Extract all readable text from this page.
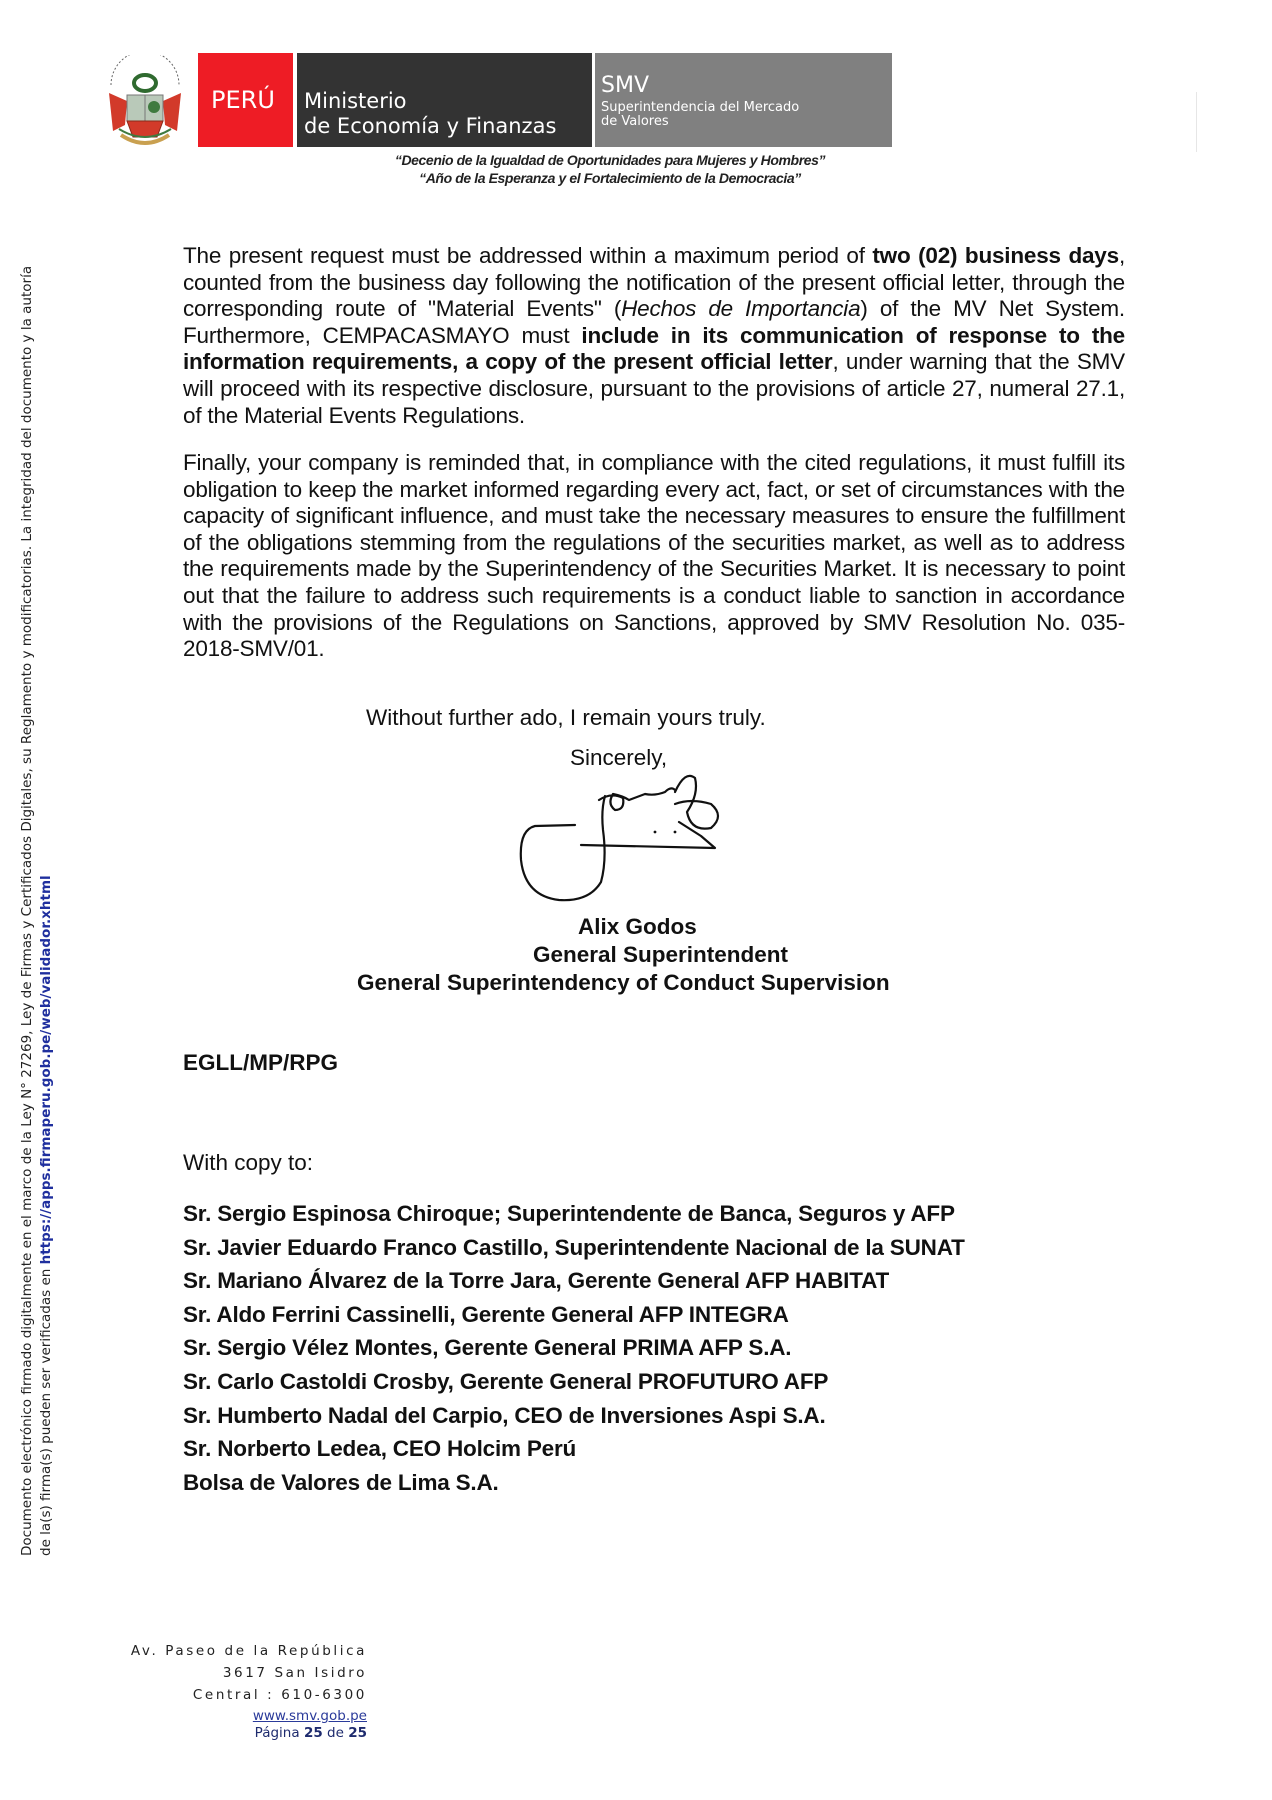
PERÚ Ministerio
de Economía y Finanzas
SMV
Superintendencia del Mercado
de Valores
“Decenio de la Igualdad de Oportunidades para Mujeres y Hombres”
“Año de la Esperanza y el Fortalecimiento de la Democracia”
Documento electrónico firmado digitalmente en el marco de la Ley N° 27269, Ley de Firmas y Certificados Digitales, su Reglamento y modificatorias. La integridad del documento y la autoría de la(s) firma(s) pueden ser verificadas en https://apps.firmaperu.gob.pe/web/validador.xhtml
The present request must be addressed within a maximum period of two (02) business days, counted from the business day following the notification of the present official letter, through the corresponding route of "Material Events" (Hechos de Importancia) of the MV Net System. Furthermore, CEMPACASMAYO must include in its communication of response to the information requirements, a copy of the present official letter, under warning that the SMV will proceed with its respective disclosure, pursuant to the provisions of article 27, numeral 27.1, of the Material Events Regulations.
Finally, your company is reminded that, in compliance with the cited regulations, it must fulfill its obligation to keep the market informed regarding every act, fact, or set of circumstances with the capacity of significant influence, and must take the necessary measures to ensure the fulfillment of the obligations stemming from the regulations of the securities market, as well as to address the requirements made by the Superintendency of the Securities Market. It is necessary to point out that the failure to address such requirements is a conduct liable to sanction in accordance with the provisions of the Regulations on Sanctions, approved by SMV Resolution No. 035-2018-SMV/01.
Without further ado, I remain yours truly.
Sincerely,
Alix Godos
General Superintendent
General Superintendency of Conduct Supervision
EGLL/MP/RPG
With copy to:
Sr. Sergio Espinosa Chiroque; Superintendente de Banca, Seguros y AFP
Sr. Javier Eduardo Franco Castillo, Superintendente Nacional de la SUNAT
Sr. Mariano Álvarez de la Torre Jara, Gerente General AFP HABITAT
Sr. Aldo Ferrini Cassinelli, Gerente General AFP INTEGRA
Sr. Sergio Vélez Montes, Gerente General PRIMA AFP S.A.
Sr. Carlo Castoldi Crosby, Gerente General PROFUTURO AFP
Sr. Humberto Nadal del Carpio, CEO de Inversiones Aspi S.A.
Sr. Norberto Ledea, CEO Holcim Perú
Bolsa de Valores de Lima S.A.
Av. Paseo de la República
3617 San Isidro
Central : 610-6300
www.smv.gob.pe
Página 25 de 25
